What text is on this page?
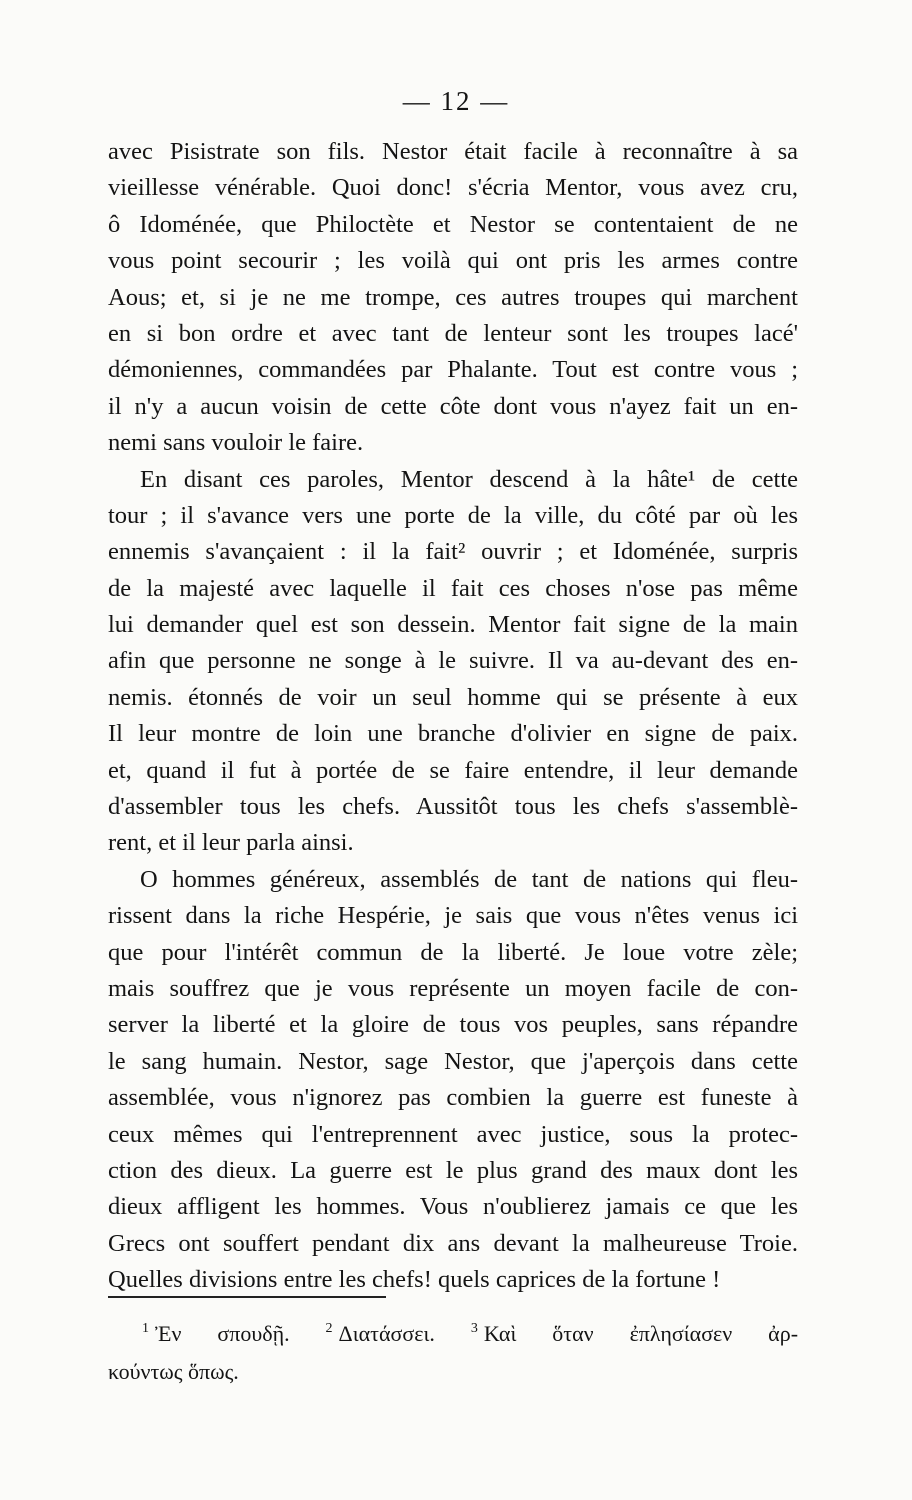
— 12 —
avec Pisistrate son fils. Nestor était facile à reconnaître à sa
vieillesse vénérable. Quoi donc! s'écria Mentor, vous avez cru,
ô Idoménée, que Philoctète et Nestor se contentaient de ne
vous point secourir ; les voilà qui ont pris les armes contre
Aous; et, si je ne me trompe, ces autres troupes qui marchent
en si bon ordre et avec tant de lenteur sont les troupes lacé'
démoniennes, commandées par Phalante. Tout est contre vous ;
il n'y a aucun voisin de cette côte dont vous n'ayez fait un en-
nemi sans vouloir le faire.
En disant ces paroles, Mentor descend à la hâte¹ de cette
tour ; il s'avance vers une porte de la ville, du côté par où les
ennemis s'avançaient : il la fait² ouvrir ; et Idoménée, surpris
de la majesté avec laquelle il fait ces choses n'ose pas même
lui demander quel est son dessein. Mentor fait signe de la main
afin que personne ne songe à le suivre. Il va au-devant des en-
nemis. étonnés de voir un seul homme qui se présente à eux
Il leur montre de loin une branche d'olivier en signe de paix.
et, quand il fut à portée de se faire entendre, il leur demande
d'assembler tous les chefs. Aussitôt tous les chefs s'assemblè-
rent, et il leur parla ainsi.
O hommes généreux, assemblés de tant de nations qui fleu-
rissent dans la riche Hespérie, je sais que vous n'êtes venus ici
que pour l'intérêt commun de la liberté. Je loue votre zèle;
mais souffrez que je vous représente un moyen facile de con-
server la liberté et la gloire de tous vos peuples, sans répandre
le sang humain. Nestor, sage Nestor, que j'aperçois dans cette
assemblée, vous n'ignorez pas combien la guerre est funeste à
ceux mêmes qui l'entreprennent avec justice, sous la protec-
ction des dieux. La guerre est le plus grand des maux dont les
dieux affligent les hommes. Vous n'oublierez jamais ce que les
Grecs ont souffert pendant dix ans devant la malheureuse Troie.
Quelles divisions entre les chefs! quels caprices de la fortune !
$^1$ Ἐν σπουδῇ.	$^2$ Διατάσσει.	$^3$ Καὶ ὅταν ἐπλησίασεν ἀρ-
κούντως ὅπως.
